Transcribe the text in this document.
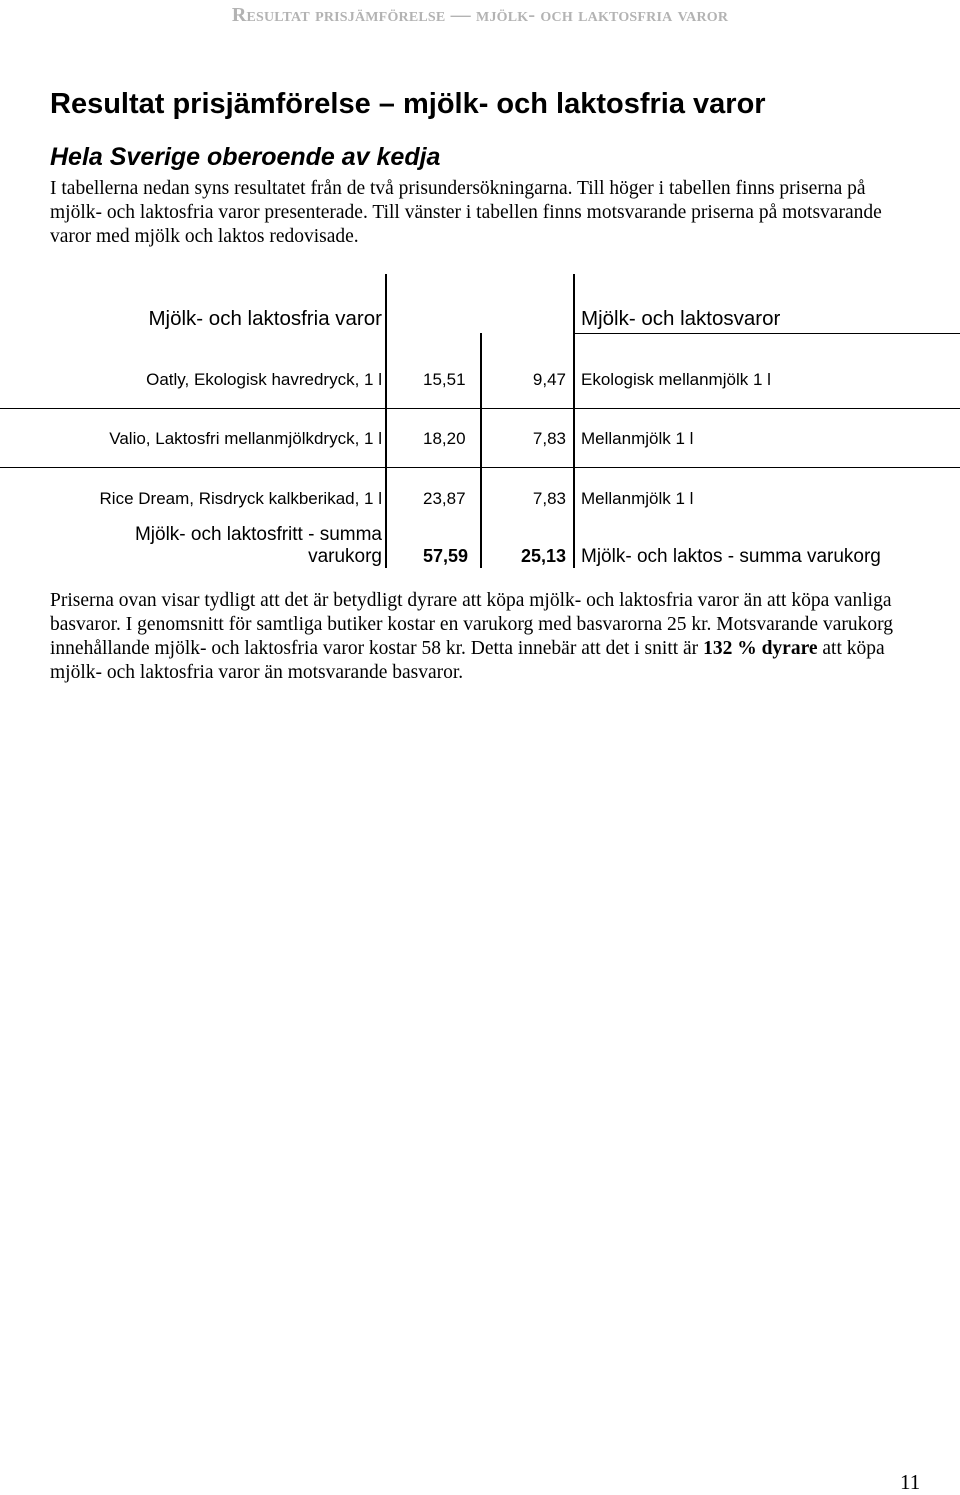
Resultat prisjämförelse — mjölk- och laktosfria varor
Resultat prisjämförelse – mjölk- och laktosfria varor
Hela Sverige oberoende av kedja

I tabellerna nedan syns resultatet från de två prisundersökningarna. Till höger i tabellen finns priserna på mjölk- och laktosfria varor presenterade. Till vänster i tabellen finns motsvarande priserna på motsvarande varor med mjölk och laktos redovisade.

Mjölk- och laktosfria varor	Mjölk- och laktosvaror
Oatly, Ekologisk havredryck, 1 l 15,51	9,47 Ekologisk mellanmjölk 1 l
Valio, Laktosfri mellanmjölkdryck, 1 l 18,20	7,83 Mellanmjölk 1 l
Rice Dream, Risdryck kalkberikad, 1 l 23,87	7,83 Mellanmjölk 1 l
Mjölk- och laktosfritt - summa
varukorg 57,59	25,13 Mjölk- och laktos - summa varukorg

Priserna ovan visar tydligt att det är betydligt dyrare att köpa mjölk- och laktosfria varor än att köpa vanliga basvaror. I genomsnitt för samtliga butiker kostar en varukorg med basvarorna 25 kr. Motsvarande varukorg innehållande mjölk- och laktosfria varor kostar 58 kr. Detta innebär att det i snitt är 132 % dyrare att köpa mjölk- och laktosfria varor än motsvarande basvaror.

11
